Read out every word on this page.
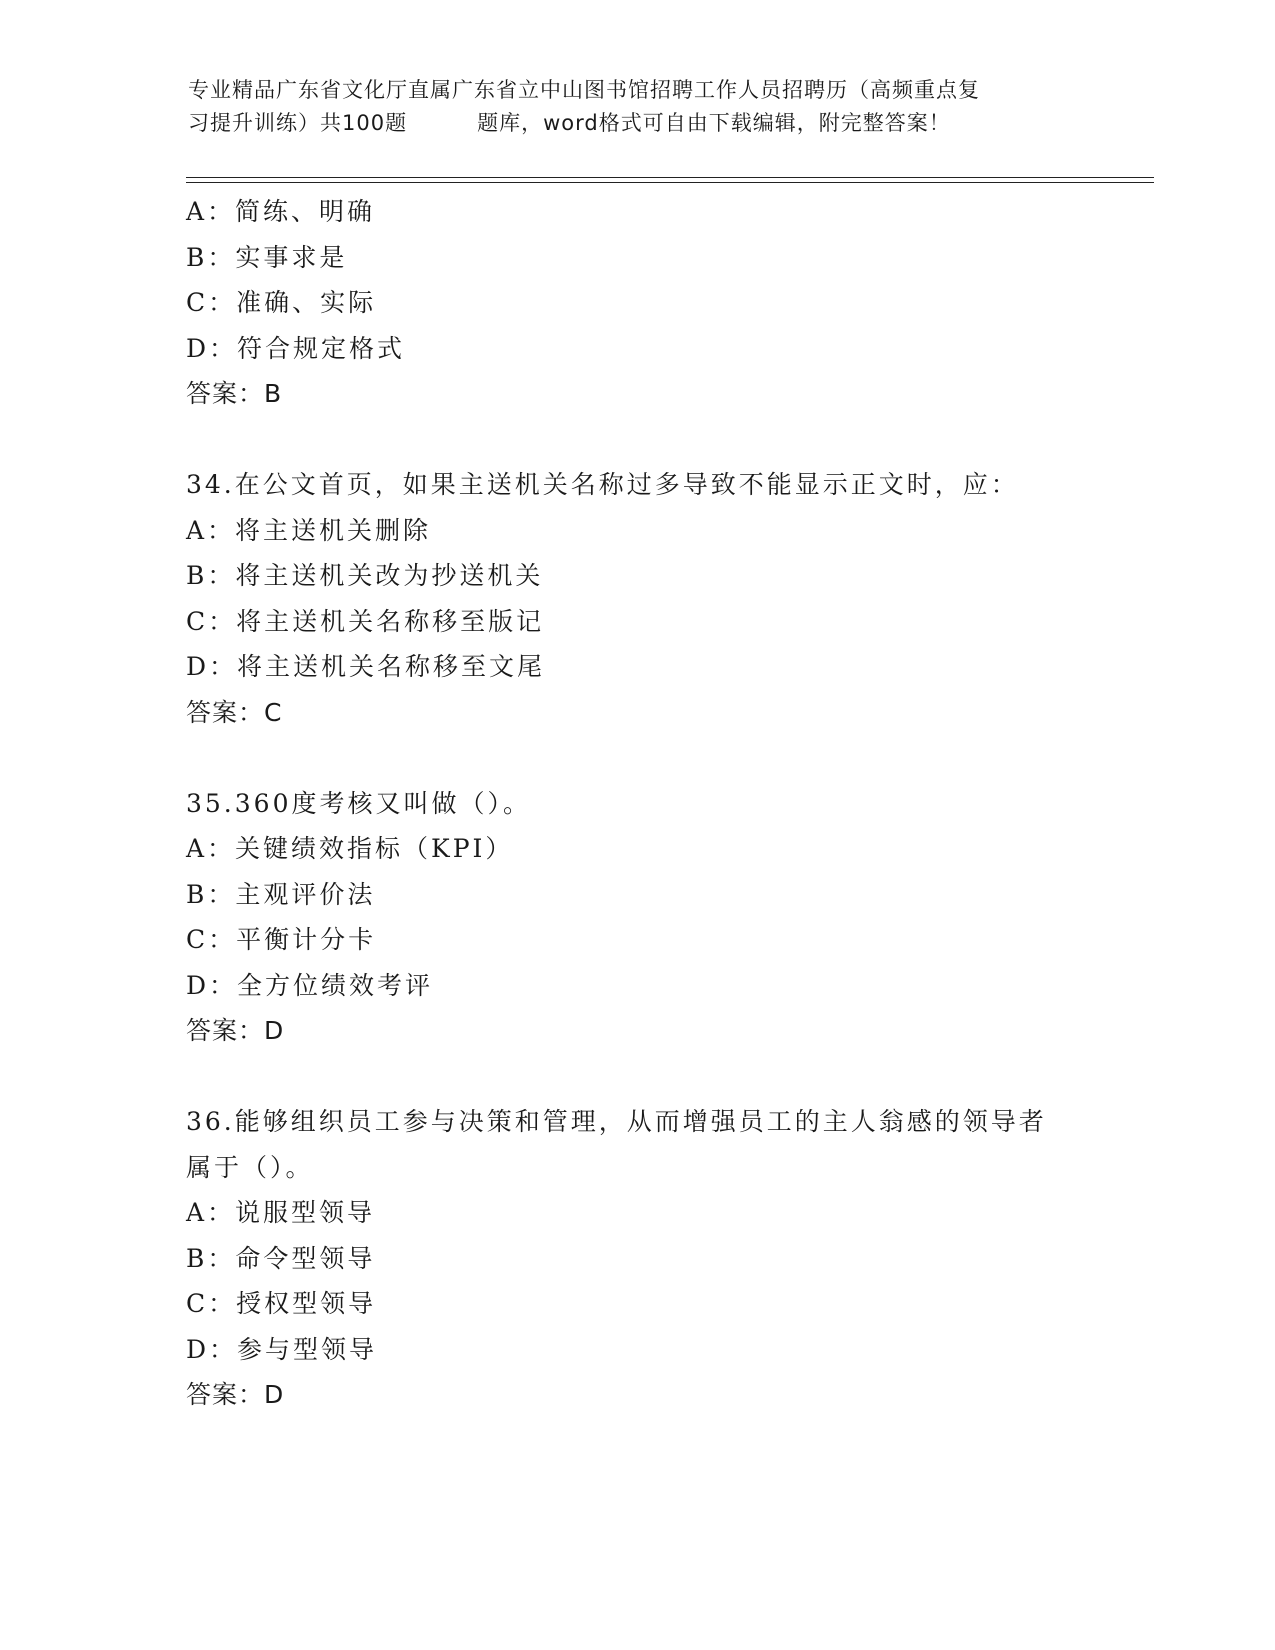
专业精品广东省文化厅直属广东省立中山图书馆招聘工作人员招聘历（高频重点复
习提升训练）共100题	题库，word格式可自由下载编辑，附完整答案！
A：简练、明确
B：实事求是
C：准确、实际
D：符合规定格式
答案：B
34.在公文首页，如果主送机关名称过多导致不能显示正文时，应：
A：将主送机关删除
B：将主送机关改为抄送机关
C：将主送机关名称移至版记
D：将主送机关名称移至文尾
答案：C
35.360度考核又叫做（）。
A：关键绩效指标（KPI）
B：主观评价法
C：平衡计分卡
D：全方位绩效考评
答案：D
36.能够组织员工参与决策和管理，从而增强员工的主人翁感的领导者
属于（）。
A：说服型领导
B：命令型领导
C：授权型领导
D：参与型领导
答案：D
